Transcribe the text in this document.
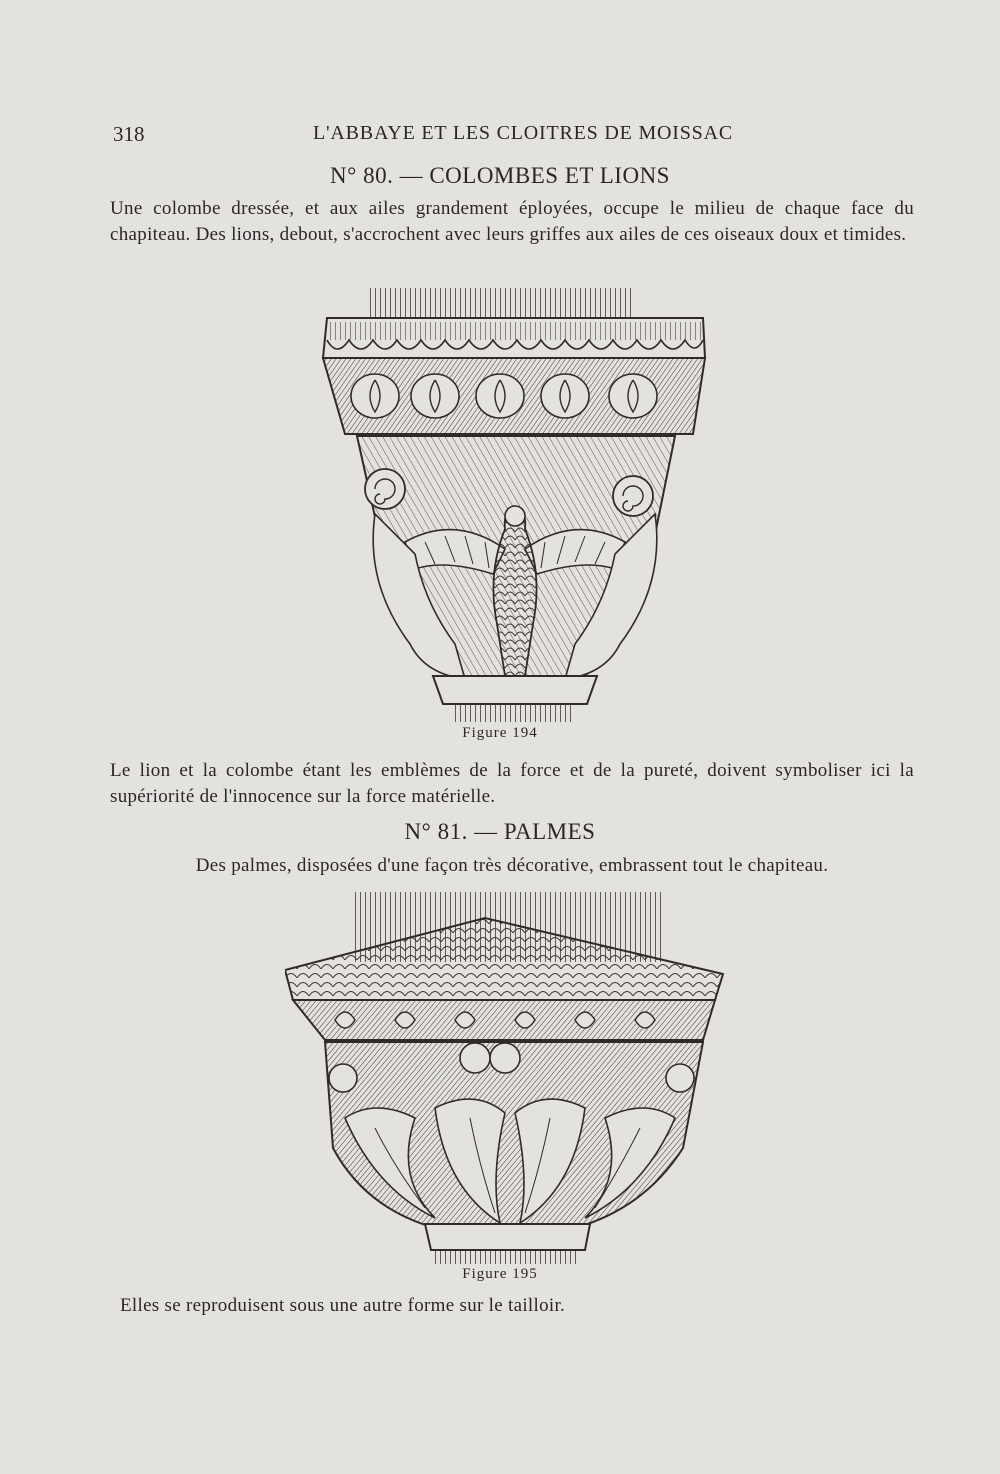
318	L'ABBAYE ET LES CLOITRES DE MOISSAC
N° 80. — COLOMBES ET LIONS

Une colombe dressée, et aux ailes grandement éployées, occupe le milieu de chaque face du chapiteau. Des lions, debout, s'accrochent avec leurs griffes aux ailes de ces oiseaux doux et timides.

Figure 194

Le lion et la colombe étant les emblèmes de la force et de la pureté, doivent symboliser ici la supériorité de l'innocence sur la force matérielle.

N° 81. — PALMES

Des palmes, disposées d'une façon très décorative, embrassent tout le chapiteau.

Figure 195
Elles se reproduisent sous une autre forme sur le tailloir.
